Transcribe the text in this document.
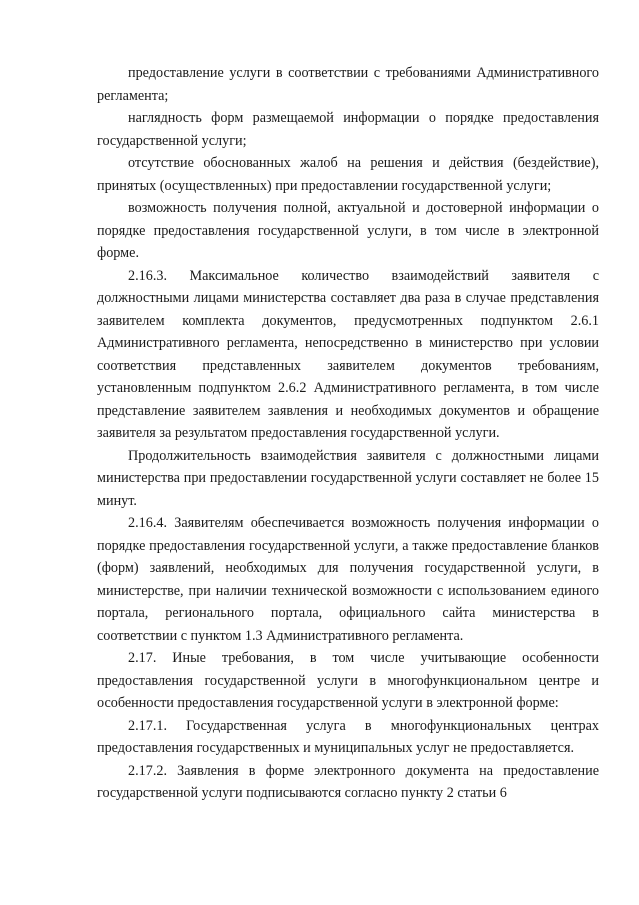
предоставление услуги в соответствии с требованиями Административного регламента;

наглядность форм размещаемой информации о порядке предоставления государственной услуги;

отсутствие обоснованных жалоб на решения и действия (бездействие), принятых (осуществленных) при предоставлении государственной услуги;

возможность получения полной, актуальной и достоверной информации о порядке предоставления государственной услуги, в том числе в электронной форме.

2.16.3. Максимальное количество взаимодействий заявителя с должностными лицами министерства составляет два раза в случае представления заявителем комплекта документов, предусмотренных подпунктом 2.6.1 Административного регламента, непосредственно в министерство при условии соответствия представленных заявителем документов требованиям, установленным подпунктом 2.6.2 Административного регламента, в том числе представление заявителем заявления и необходимых документов и обращение заявителя за результатом предоставления государственной услуги.

Продолжительность взаимодействия заявителя с должностными лицами министерства при предоставлении государственной услуги составляет не более 15 минут.

2.16.4. Заявителям обеспечивается возможность получения информации о порядке предоставления государственной услуги, а также предоставление бланков (форм) заявлений, необходимых для получения государственной услуги, в министерстве, при наличии технической возможности с использованием единого портала, регионального портала, официального сайта министерства в соответствии с пунктом 1.3 Административного регламента.

2.17. Иные требования, в том числе учитывающие особенности предоставления государственной услуги в многофункциональном центре и особенности предоставления государственной услуги в электронной форме:

2.17.1. Государственная услуга в многофункциональных центрах предоставления государственных и муниципальных услуг не предоставляется.

2.17.2. Заявления в форме электронного документа на предоставление государственной услуги подписываются согласно пункту 2 статьи 6
